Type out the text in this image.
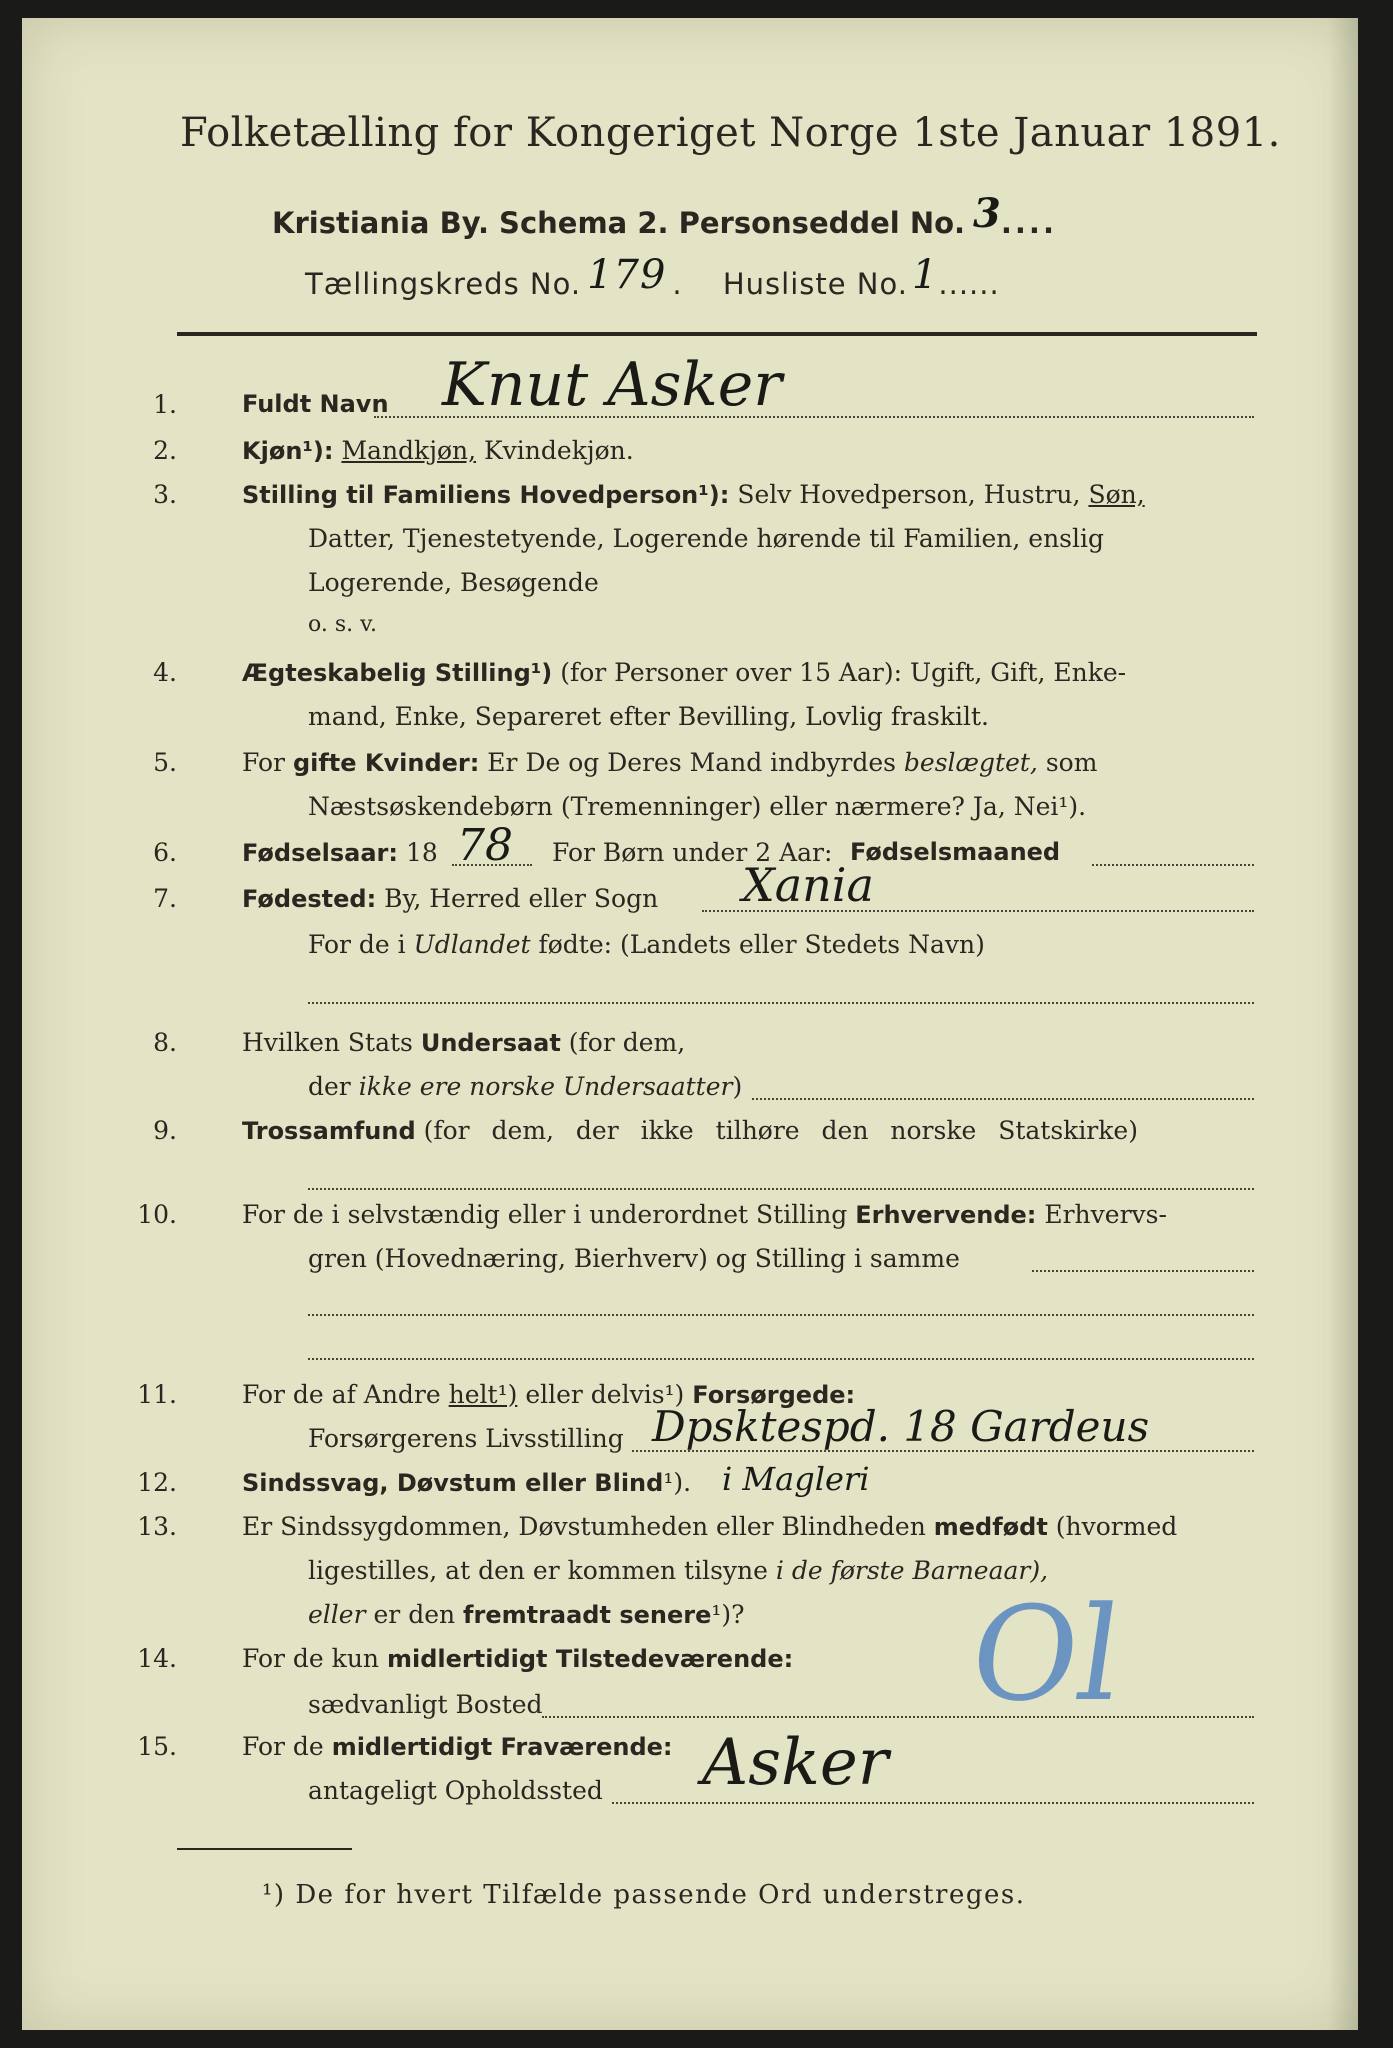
Folketælling for Kongeriget Norge 1ste Januar 1891.
Kristiania By. Schema 2. Personseddel No. 3....
Tællingskreds No. 179 . Husliste No. 1......
1.	Fuldt Navn Knut Asker
2.	Kjøn¹): Mandkjøn, Kvindekjøn.
3.	Stilling til Familiens Hovedperson¹): Selv Hovedperson, Hustru, Søn,
Datter, Tjenestetyende, Logerende hørende til Familien, enslig
Logerende, Besøgende
o. s. v.
4.	Ægteskabelig Stilling¹) (for Personer over 15 Aar): Ugift, Gift, Enke-
mand, Enke, Separeret efter Bevilling, Lovlig fraskilt.
5.	For gifte Kvinder: Er De og Deres Mand indbyrdes beslægtet, som
Næstsøskendebørn (Tremenninger) eller nærmere? Ja, Nei¹).
6.	Fødselsaar: 18 78 For Børn under 2 Aar: Fødselsmaaned
7.	Fødested: By, Herred eller Sogn Xania
For de i Udlandet fødte: (Landets eller Stedets Navn)
8.	Hvilken Stats Undersaat (for dem,
der ikke ere norske Undersaatter)
9.	Trossamfund (for dem, der ikke tilhøre den norske Statskirke)
10.	For de i selvstændig eller i underordnet Stilling Erhvervende: Erhvervs-
gren (Hovednæring, Bierhverv) og Stilling i samme
11.	For de af Andre helt¹) eller delvis¹) Forsørgede:
Forsørgerens Livsstilling Dpsktespd. 18 Gardeus
12.	Sindssvag, Døvstum eller Blind¹). i Magleri
13.	Er Sindssygdommen, Døvstumheden eller Blindheden medfødt (hvormed
ligestilles, at den er kommen tilsyne i de første Barneaar),
eller er den fremtraadt senere¹)?
14.	For de kun midlertidigt Tilstedeværende:
sædvanligt Bosted
15.	For de midlertidigt Fraværende:
antageligt Opholdssted Asker
Ol
¹) De for hvert Tilfælde passende Ord understreges.
